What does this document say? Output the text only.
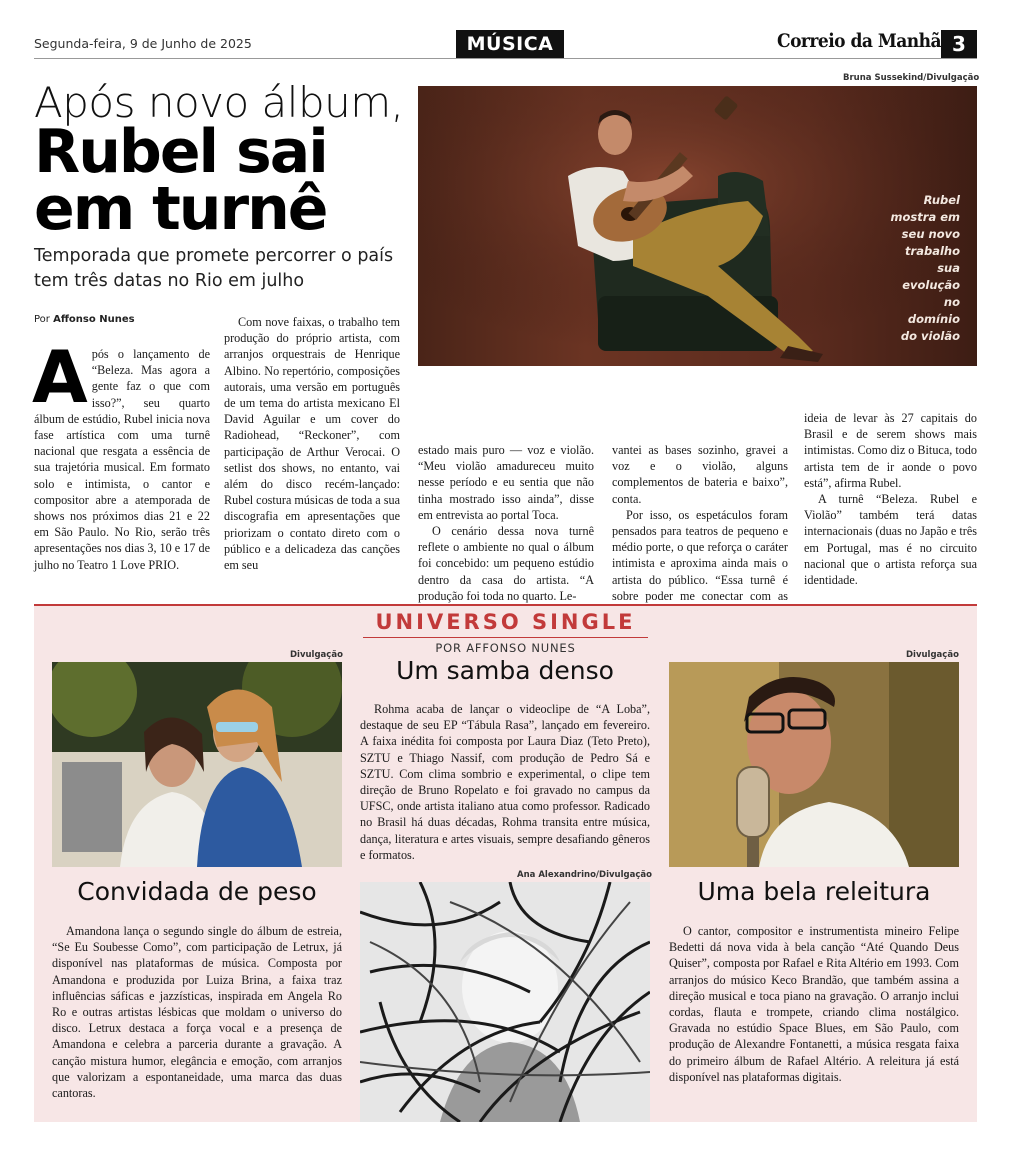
Segunda-feira, 9 de Junho de 2025	MÚSICA	Correio da Manhã 3
Após novo álbum,
Rubel sai
em turnê
Temporada que promete percorrer o país tem três datas no Rio em julho
Por Affonso Nunes
Bruna Sussekind/Divulgação
Rubel mostra em seu novo trabalho sua evolução no domínio do violão
Após o lançamento de “Beleza. Mas agora a gente faz o que com isso?”, seu quarto álbum de estúdio, Rubel inicia nova fase artística com uma turnê nacional que resgata a essência de sua trajetória musical. Em formato solo e intimista, o cantor e compositor abre a atemporada de shows nos próximos dias 21 e 22 em São Paulo. No Rio, serão três apresentações nos dias 3, 10 e 17 de julho no Teatro 1 Love PRIO.

Com nove faixas, o trabalho tem produção do próprio artista, com arranjos orquestrais de Henrique Albino. No repertório, composições autorais, uma versão em português de um tema do artista mexicano El David Aguilar e um cover do Radiohead, “Reckoner”, com participação de Arthur Verocai. O setlist dos shows, no entanto, vai além do disco recém-lançado: Rubel costura músicas de toda a sua discografia em apresentações que priorizam o contato direto com o público e a delicadeza das canções em seu

estado mais puro — voz e violão. “Meu violão amadureceu muito nesse período e eu sentia que não tinha mostrado isso ainda”, disse em entrevista ao portal Toca.

O cenário dessa nova turnê reflete o ambiente no qual o álbum foi concebido: um pequeno estúdio dentro da casa do artista. “A produção foi toda no quarto. Le-

vantei as bases sozinho, gravei a voz e o violão, alguns complementos de bateria e baixo”, conta.

Por isso, os espetáculos foram pensados para teatros de pequeno e médio porte, o que reforça o caráter intimista e aproxima ainda mais o artista do público. “Essa turnê é sobre poder me conectar com as

ideia de levar às 27 capitais do Brasil e de serem shows mais intimistas. Como diz o Bituca, todo artista tem de ir aonde o povo está”, afirma Rubel.

A turnê “Beleza. Rubel e Violão” também terá datas internacionais (duas no Japão e três em Portugal, mas é no circuito nacional que o artista reforça sua identidade.

UNIVERSO SINGLE
POR AFFONSO NUNES
Divulgação
Convidada de peso
Amandona lança o segundo single do álbum de estreia, “Se Eu Soubesse Como”, com participação de Letrux, já disponível nas plataformas de música. Composta por Amandona e produzida por Luiza Brina, a faixa traz influências sáficas e jazzísticas, inspirada em Angela Ro Ro e outras artistas lésbicas que moldam o universo do disco. Letrux destaca a força vocal e a presença de Amandona e celebra a parceria durante a gravação. A canção mistura humor, elegância e emoção, com arranjos que valorizam a espontaneidade, uma marca das duas cantoras.
Um samba denso
Rohma acaba de lançar o videoclipe de “A Loba”, destaque de seu EP “Tábula Rasa”, lançado em fevereiro. A faixa inédita foi composta por Laura Diaz (Teto Preto), SZTU e Thiago Nassif, com produção de Pedro Sá e SZTU. Com clima sombrio e experimental, o clipe tem direção de Bruno Ropelato e foi gravado no campus da UFSC, onde artista italiano atua como professor. Radicado no Brasil há duas décadas, Rohma transita entre música, dança, literatura e artes visuais, sempre desafiando gêneros e formatos.
Ana Alexandrino/Divulgação
Divulgação
Uma bela releitura
O cantor, compositor e instrumentista mineiro Felipe Bedetti dá nova vida à bela canção “Até Quando Deus Quiser”, composta por Rafael e Rita Altério em 1993. Com arranjos do músico Keco Brandão, que também assina a direção musical e toca piano na gravação. O arranjo inclui cordas, flauta e trompete, criando clima nostálgico. Gravada no estúdio Space Blues, em São Paulo, com produção de Alexandre Fontanetti, a música resgata faixa do primeiro álbum de Rafael Altério. A releitura já está disponível nas plataformas digitais.
